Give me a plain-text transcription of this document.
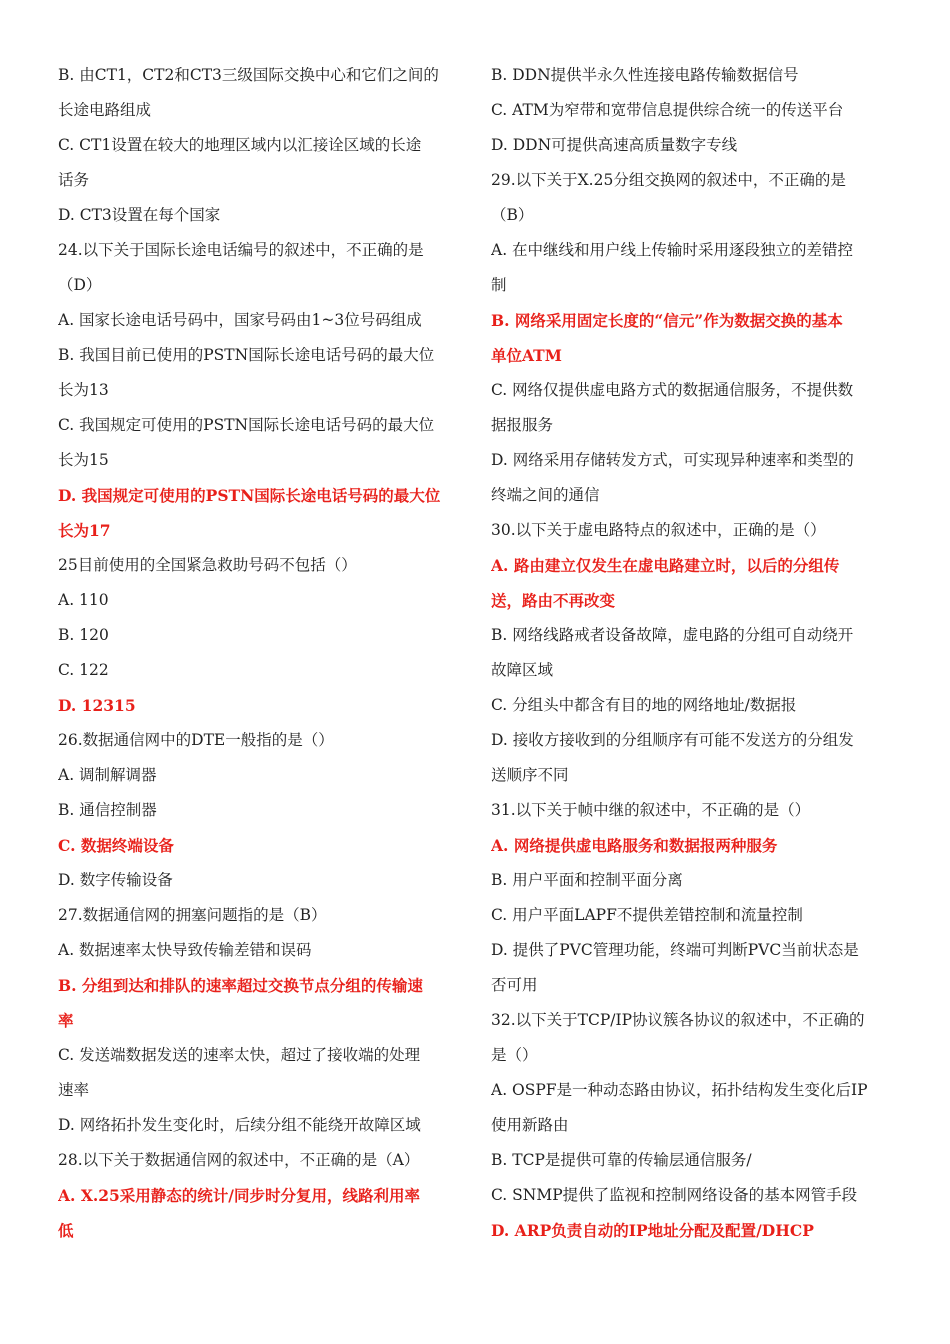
B. 由CT1，CT2和CT3三级国际交换中心和它们之间的
长途电路组成
C. CT1设置在较大的地理区域内以汇接诠区域的长途
话务
D. CT3设置在每个国家
24.以下关于国际长途电话编号的叙述中，不正确的是
（D）
A. 国家长途电话号码中，国家号码由1~3位号码组成
B. 我国目前已使用的PSTN国际长途电话号码的最大位
长为13
C. 我国规定可使用的PSTN国际长途电话号码的最大位
长为15
D. 我国规定可使用的PSTN国际长途电话号码的最大位
长为17
25目前使用的全国紧急救助号码不包括（）
A. 110
B. 120
C. 122
D. 12315
26.数据通信网中的DTE一般指的是（）
A. 调制解调器
B. 通信控制器
C. 数据终端设备
D. 数字传输设备
27.数据通信网的拥塞问题指的是（B）
A. 数据速率太快导致传输差错和误码
B. 分组到达和排队的速率超过交换节点分组的传输速
率
C. 发送端数据发送的速率太快，超过了接收端的处理
速率
D. 网络拓扑发生变化时，后续分组不能绕开故障区域
28.以下关于数据通信网的叙述中，不正确的是（A）
A. X.25采用静态的统计/同步时分复用，线路利用率
低
B. DDN提供半永久性连接电路传输数据信号
C. ATM为窄带和宽带信息提供综合统一的传送平台
D. DDN可提供高速高质量数字专线
29.以下关于X.25分组交换网的叙述中，不正确的是
（B）
A. 在中继线和用户线上传输时采用逐段独立的差错控
制
B. 网络采用固定长度的“信元”作为数据交换的基本
单位ATM
C. 网络仅提供虚电路方式的数据通信服务，不提供数
据报服务
D. 网络采用存储转发方式，可实现异种速率和类型的
终端之间的通信
30.以下关于虚电路特点的叙述中，正确的是（）
A. 路由建立仅发生在虚电路建立时，以后的分组传
送，路由不再改变
B. 网络线路戒者设备故障，虚电路的分组可自动绕开
故障区域
C. 分组头中都含有目的地的网络地址/数据报
D. 接收方接收到的分组顺序有可能不发送方的分组发
送顺序不同
31.以下关于帧中继的叙述中，不正确的是（）
A. 网络提供虚电路服务和数据报两种服务
B. 用户平面和控制平面分离
C. 用户平面LAPF不提供差错控制和流量控制
D. 提供了PVC管理功能，终端可判断PVC当前状态是
否可用
32.以下关于TCP/IP协议簇各协议的叙述中，不正确的
是（）
A. OSPF是一种动态路由协议，拓扑结构发生变化后IP
使用新路由
B. TCP是提供可靠的传输层通信服务/
C. SNMP提供了监视和控制网络设备的基本网管手段
D. ARP负责自动的IP地址分配及配置/DHCP
